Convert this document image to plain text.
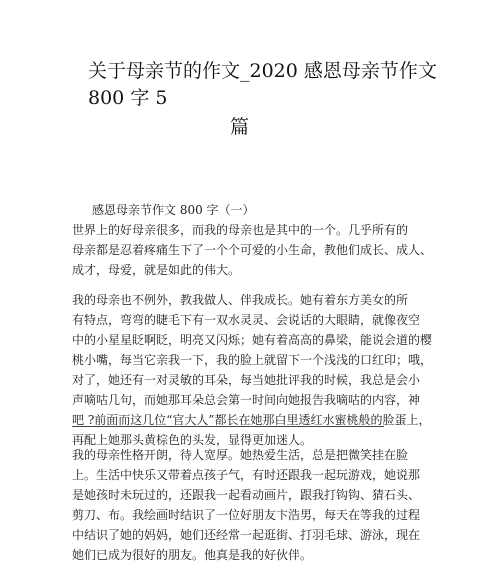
关于母亲节的作文_2020 感恩母亲节作文
800 字 5
篇
感恩母亲节作文 800 字（一）

世界上的好母亲很多，而我的母亲也是其中的一个。几乎所有的
母亲都是忍着疼痛生下了一个个可爱的小生命，教他们成长、成人、
成才，母爱，就是如此的伟大。

我的母亲也不例外，教我做人、伴我成长。她有着东方美女的所
有特点，弯弯的睫毛下有一双水灵灵、会说话的大眼睛，就像夜空
中的小星星眨啊眨，明亮又闪烁；她有着高高的鼻梁，能说会道的樱
桃小嘴，每当它亲我一下，我的脸上就留下一个浅浅的口红印；哦，
对了，她还有一对灵敏的耳朵，每当她批评我的时候，我总是会小
声嘀咕几句，而她那耳朵总会第一时间向她报告我嘀咕的内容，神
吧 ?前面而这几位“官大人”都长在她那白里透红水蜜桃般的脸蛋上，
再配上她那头黄棕色的头发，显得更加迷人。

我的母亲性格开朗，待人宽厚。她热爱生活，总是把微笑挂在脸
上。生活中快乐又带着点孩子气，有时还跟我一起玩游戏，她说那
是她孩时未玩过的，还跟我一起看动画片，跟我打钩钩、猜石头、
剪刀、布。我绘画时结识了一位好朋友卞浩男，每天在等我的过程
中结识了她的妈妈，她们还经常一起逛街、打羽毛球、游泳，现在
她们已成为很好的朋友。他真是我的好伙伴。
